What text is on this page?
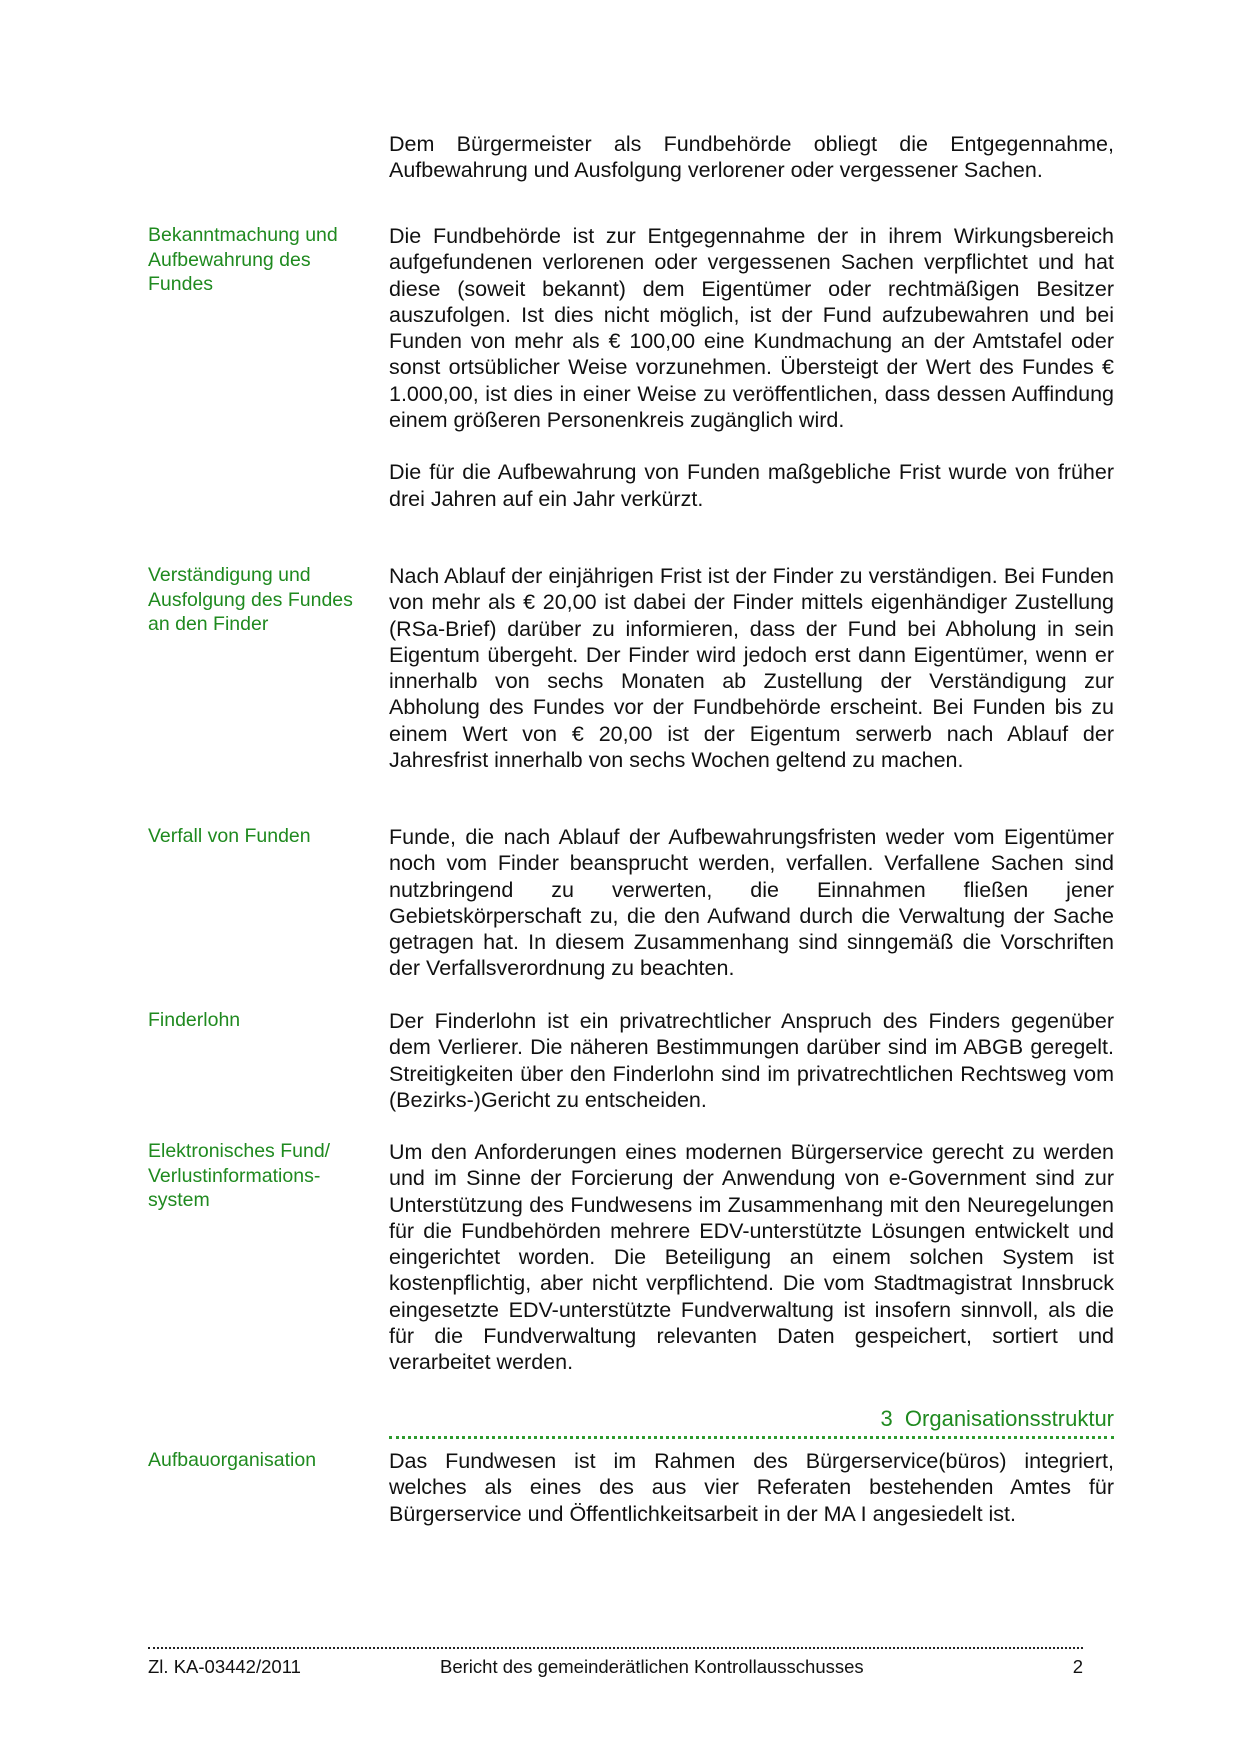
Dem Bürgermeister als Fundbehörde obliegt die Entgegennahme, Aufbewahrung und Ausfolgung verlorener oder vergessener Sachen.

Bekanntmachung und Aufbewahrung des Fundes

Die Fundbehörde ist zur Entgegennahme der in ihrem Wirkungsbereich aufgefundenen verlorenen oder vergessenen Sachen verpflichtet und hat diese (soweit bekannt) dem Eigentümer oder rechtmäßigen Besitzer auszufolgen. Ist dies nicht möglich, ist der Fund aufzubewahren und bei Funden von mehr als € 100,00 eine Kundmachung an der Amtstafel oder sonst ortsüblicher Weise vorzunehmen. Übersteigt der Wert des Fundes € 1.000,00, ist dies in einer Weise zu veröffentlichen, dass dessen Auffindung einem größeren Personenkreis zugänglich wird.

Die für die Aufbewahrung von Funden maßgebliche Frist wurde von früher drei Jahren auf ein Jahr verkürzt.

Verständigung und Ausfolgung des Fundes an den Finder

Nach Ablauf der einjährigen Frist ist der Finder zu verständigen. Bei Funden von mehr als € 20,00 ist dabei der Finder mittels eigenhändiger Zustellung (RSa-Brief) darüber zu informieren, dass der Fund bei Abholung in sein Eigentum übergeht. Der Finder wird jedoch erst dann Eigentümer, wenn er innerhalb von sechs Monaten ab Zustellung der Verständigung zur Abholung des Fundes vor der Fundbehörde erscheint. Bei Funden bis zu einem Wert von € 20,00 ist der Eigentum serwerb nach Ablauf der Jahresfrist innerhalb von sechs Wochen geltend zu machen.

Verfall von Funden	Funde, die nach Ablauf der Aufbewahrungsfristen weder vom Eigentümer noch vom Finder beansprucht werden, verfallen. Verfallene Sachen sind nutzbringend zu verwerten, die Einnahmen fließen jener Gebietskörperschaft zu, die den Aufwand durch die Verwaltung der Sache getragen hat. In diesem Zusammenhang sind sinngemäß die Vorschriften der Verfallsverordnung zu beachten.

Finderlohn	Der Finderlohn ist ein privatrechtlicher Anspruch des Finders gegenüber dem Verlierer. Die näheren Bestimmungen darüber sind im ABGB geregelt. Streitigkeiten über den Finderlohn sind im privatrechtlichen Rechtsweg vom (Bezirks-)Gericht zu entscheiden.

Elektronisches Fund/ Verlustinformations-system

Um den Anforderungen eines modernen Bürgerservice gerecht zu werden und im Sinne der Forcierung der Anwendung von e-Government sind zur Unterstützung des Fundwesens im Zusammenhang mit den Neuregelungen für die Fundbehörden mehrere EDV-unterstützte Lösungen entwickelt und eingerichtet worden. Die Beteiligung an einem solchen System ist kostenpflichtig, aber nicht verpflichtend. Die vom Stadtmagistrat Innsbruck eingesetzte EDV-unterstützte Fundverwaltung ist insofern sinnvoll, als die für die Fundverwaltung relevanten Daten gespeichert, sortiert und verarbeitet werden.

3  Organisationsstruktur
Aufbauorganisation	Das Fundwesen ist im Rahmen des Bürgerservice(büros) integriert, welches als eines des aus vier Referaten bestehenden Amtes für Bürgerservice und Öffentlichkeitsarbeit in der MA I angesiedelt ist.

Zl. KA-03442/2011	Bericht des gemeinderätlichen Kontrollausschusses	2
